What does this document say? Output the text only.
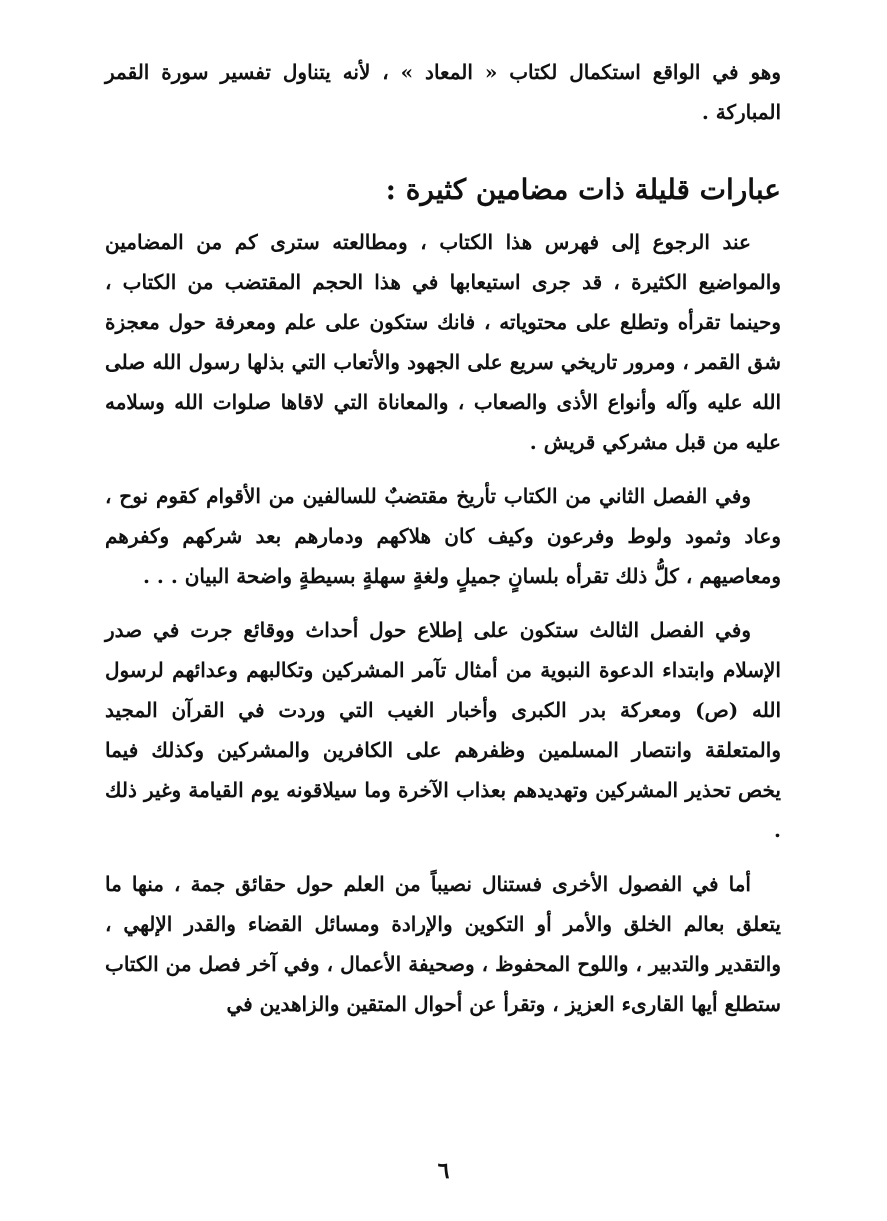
وهو في الواقع استكمال لكتاب « المعاد » ، لأنه يتناول تفسير سورة القمر المباركة .

عبارات قليلة ذات مضامين كثيرة :

عند الرجوع إلى فهرس هذا الكتاب ، ومطالعته سترى كم من المضامين والمواضيع الكثيرة ، قد جرى استيعابها في هذا الحجم المقتضب من الكتاب ، وحينما تقرأه وتطلع على محتوياته ، فانك ستكون على علم ومعرفة حول معجزة شق القمر ، ومرور تاريخي سريع على الجهود والأتعاب التي بذلها رسول الله صلى الله عليه وآله وأنواع الأذى والصعاب ، والمعاناة التي لاقاها صلوات الله وسلامه عليه من قبل مشركي قريش .

وفي الفصل الثاني من الكتاب تأريخ مقتضبٌ للسالفين من الأقوام كقوم نوح ، وعاد وثمود ولوط وفرعون وكيف كان هلاكهم ودمارهم بعد شركهم وكفرهم ومعاصيهم ، كلُّ ذلك تقرأه بلسانٍ جميلٍ ولغةٍ سهلةٍ بسيطةٍ واضحة البيان . . .

وفي الفصل الثالث ستكون على إطلاع حول أحداث ووقائع جرت في صدر الإسلام وابتداء الدعوة النبوية من أمثال تآمر المشركين وتكالبهم وعدائهم لرسول الله (ص) ومعركة بدر الكبرى وأخبار الغيب التي وردت في القرآن المجيد والمتعلقة وانتصار المسلمين وظفرهم على الكافرين والمشركين وكذلك فيما يخص تحذير المشركين وتهديدهم بعذاب الآخرة وما سيلاقونه يوم القيامة وغير ذلك .

أما في الفصول الأخرى فستنال نصيباً من العلم حول حقائق جمة ، منها ما يتعلق بعالم الخلق والأمر أو التكوين والإرادة ومسائل القضاء والقدر الإلهي ، والتقدير والتدبير ، واللوح المحفوظ ، وصحيفة الأعمال ، وفي آخر فصل من الكتاب ستطلع أيها القارىء العزيز ، وتقرأ عن أحوال المتقين والزاهدين في

٦
